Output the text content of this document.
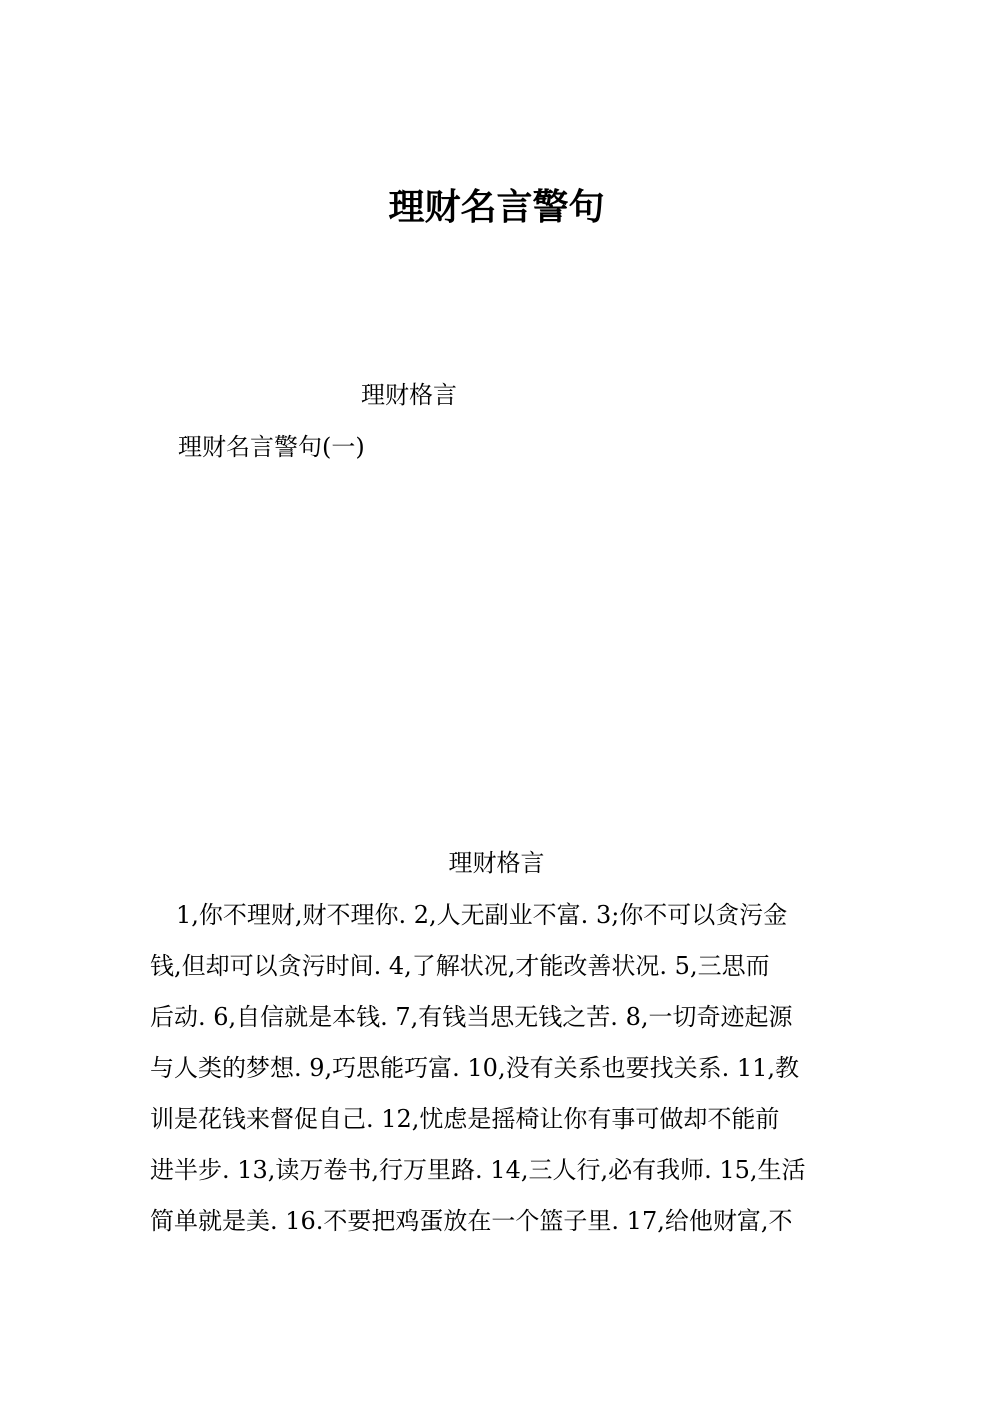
理财名言警句

理财格言

理财名言警句(一)

理财格言

1,你不理财,财不理你. 2,人无副业不富. 3;你不可以贪污金
钱,但却可以贪污时间. 4,了解状况,才能改善状况. 5,三思而
后动. 6,自信就是本钱. 7,有钱当思无钱之苦. 8,一切奇迹起源
与人类的梦想. 9,巧思能巧富. 10,没有关系也要找关系. 11,教
训是花钱来督促自己. 12,忧虑是摇椅让你有事可做却不能前
进半步. 13,读万卷书,行万里路. 14,三人行,必有我师. 15,生活
简单就是美. 16.不要把鸡蛋放在一个篮子里. 17,给他财富,不
